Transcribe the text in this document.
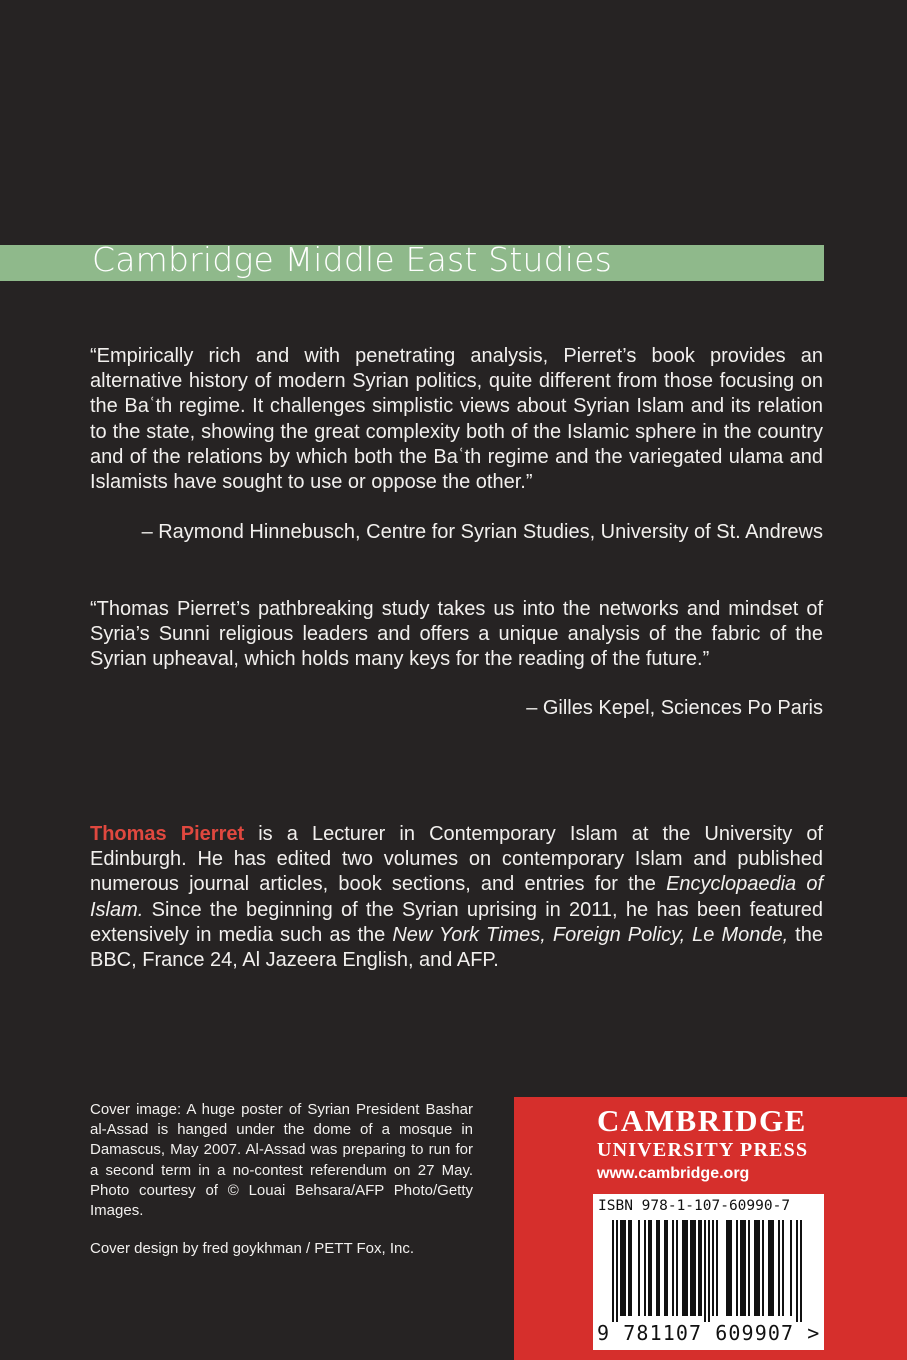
Cambridge Middle East Studies
“Empirically rich and with penetrating analysis, Pierret’s book provides an alternative history of modern Syrian politics, quite different from those focusing on the Baʿth regime. It challenges simplistic views about Syrian Islam and its relation to the state, showing the great complexity both of the Islamic sphere in the country and of the relations by which both the Baʿth regime and the variegated ulama and Islamists have sought to use or oppose the other.”
– Raymond Hinnebusch, Centre for Syrian Studies, University of St. Andrews
“Thomas Pierret’s pathbreaking study takes us into the networks and mindset of Syria’s Sunni religious leaders and offers a unique analysis of the fabric of the Syrian upheaval, which holds many keys for the reading of the future.”
– Gilles Kepel, Sciences Po Paris
Thomas Pierret is a Lecturer in Contemporary Islam at the University of Edinburgh. He has edited two volumes on contemporary Islam and published numerous journal articles, book sections, and entries for the Encyclopaedia of Islam. Since the beginning of the Syrian uprising in 2011, he has been featured extensively in media such as the New York Times, Foreign Policy, Le Monde, the BBC, France 24, Al Jazeera English, and AFP.
Cover image: A huge poster of Syrian President Bashar al-Assad is hanged under the dome of a mosque in Damascus, May 2007. Al-Assad was preparing to run for a second term in a no-contest referendum on 27 May. Photo courtesy of © Louai Behsara/AFP Photo/Getty Images.
Cover design by fred goykhman / PETT Fox, Inc.
CAMBRIDGE
UNIVERSITY PRESS
www.cambridge.org
ISBN 978-1-107-60990-7
9 781107 609907 >
